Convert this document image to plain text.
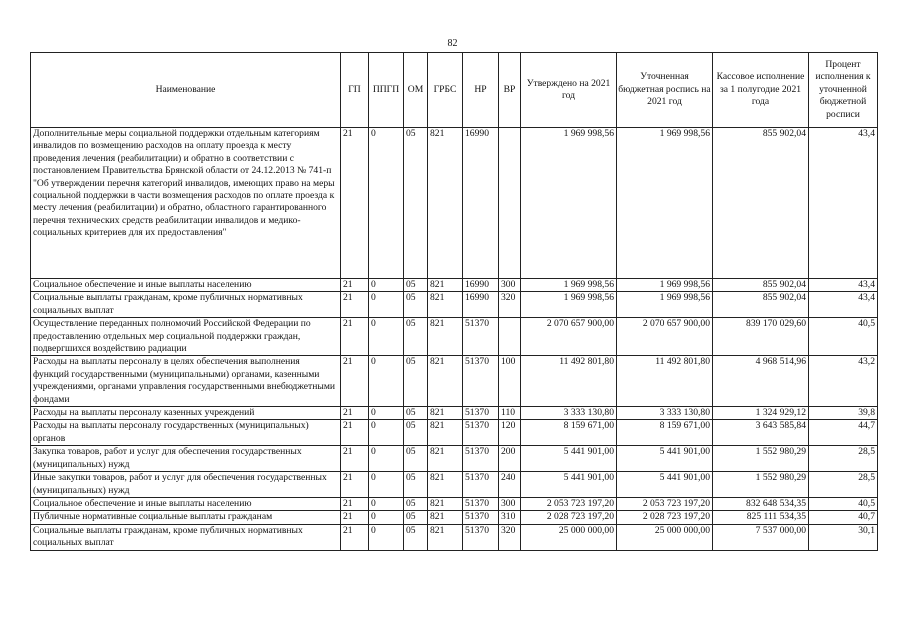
82
Наименование	ГП	ППГП	ОМ	ГРБС	НР	ВР	Утверждено на 2021 год	Уточненная бюджетная роспись на 2021 год	Кассовое исполнение за 1 полугодие 2021 года	Процент исполнения к уточненной бюджетной росписи
Дополнительные меры социальной поддержки отдельным категориям инвалидов по возмещению расходов на оплату проезда к месту проведения лечения (реабилитации) и обратно в соответствии с постановлением Правительства Брянской области от 24.12.2013 № 741-п "Об утверждении перечня категорий инвалидов, имеющих право на меры социальной поддержки в части возмещения расходов по оплате проезда к месту лечения (реабилитации) и обратно, областного гарантированного перечня технических средств реабилитации инвалидов и медико-социальных критериев для их предоставления"	21	0	05	821	16990		1 969 998,56	1 969 998,56	855 902,04	43,4
Социальное обеспечение и иные выплаты населению	21	0	05	821	16990	300	1 969 998,56	1 969 998,56	855 902,04	43,4
Социальные выплаты гражданам, кроме публичных нормативных социальных выплат	21	0	05	821	16990	320	1 969 998,56	1 969 998,56	855 902,04	43,4
Осуществление переданных полномочий Российской Федерации по предоставлению отдельных мер социальной поддержки граждан, подвергшихся воздействию радиации	21	0	05	821	51370		2 070 657 900,00	2 070 657 900,00	839 170 029,60	40,5
Расходы на выплаты персоналу в целях обеспечения выполнения функций государственными (муниципальными) органами, казенными учреждениями, органами управления государственными внебюджетными фондами	21	0	05	821	51370	100	11 492 801,80	11 492 801,80	4 968 514,96	43,2
Расходы на выплаты персоналу казенных учреждений	21	0	05	821	51370	110	3 333 130,80	3 333 130,80	1 324 929,12	39,8
Расходы на выплаты персоналу государственных (муниципальных) органов	21	0	05	821	51370	120	8 159 671,00	8 159 671,00	3 643 585,84	44,7
Закупка товаров, работ и услуг для обеспечения государственных (муниципальных) нужд	21	0	05	821	51370	200	5 441 901,00	5 441 901,00	1 552 980,29	28,5
Иные закупки товаров, работ и услуг для обеспечения государственных (муниципальных) нужд	21	0	05	821	51370	240	5 441 901,00	5 441 901,00	1 552 980,29	28,5
Социальное обеспечение и иные выплаты населению	21	0	05	821	51370	300	2 053 723 197,20	2 053 723 197,20	832 648 534,35	40,5
Публичные нормативные социальные выплаты гражданам	21	0	05	821	51370	310	2 028 723 197,20	2 028 723 197,20	825 111 534,35	40,7
Социальные выплаты гражданам, кроме публичных нормативных социальных выплат	21	0	05	821	51370	320	25 000 000,00	25 000 000,00	7 537 000,00	30,1
